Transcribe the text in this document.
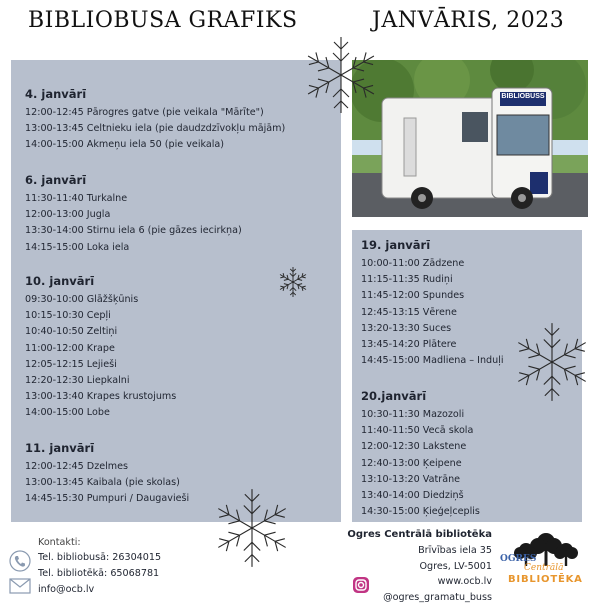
BIBLIOBUSA GRAFIKS	JANVĀRIS, 2023
4. janvārī
12:00-12:45 Pārogres gatve (pie veikala "Mārīte")
13:00-13:45 Celtnieku iela (pie daudzdzīvokļu mājām)
14:00-15:00 Akmeņu iela 50 (pie veikala)
6. janvārī
11:30-11:40 Turkalne
12:00-13:00 Jugla
13:30-14:00 Stirnu iela 6 (pie gāzes iecirkņa)
14:15-15:00 Loka iela
10. janvārī
09:30-10:00 Glāžšķūnis
10:15-10:30 Cepļi
10:40-10:50 Zeltiņi
11:00-12:00 Krape
12:05-12:15 Lejieši
12:20-12:30 Liepkalni
13:00-13:40 Krapes krustojums
14:00-15:00 Lobe
11. janvārī
12:00-12:45 Dzelmes
13:00-13:45 Kaibala (pie skolas)
14:45-15:30 Pumpuri / Daugavieši
19. janvārī
10:00-11:00 Zādzene
11:15-11:35 Rudiņi
11:45-12:00 Spundes
12:45-13:15 Vērene
13:20-13:30 Suces
13:45-14:20 Plātere
14:45-15:00 Madliena – Induļi
20.janvārī
10:30-11:30 Mazozoli
11:40-11:50 Vecā skola
12:00-12:30 Lakstene
12:40-13:00 Ķeipene
13:10-13:20 Vatrāne
13:40-14:00 Diedziņš
14:30-15:00 Ķieģeļceplis
BIBLIOBUSS
Kontakti:
Tel. bibliobusā: 26304015
Tel. bibliotēkā: 65068781
info@ocb.lv
Ogres Centrālā bibliotēka
Brīvības iela 35
Ogres, LV-5001
www.ocb.lv
@ogres_gramatu_buss
OGRES
Centrālā
BIBLIOTĒKA
